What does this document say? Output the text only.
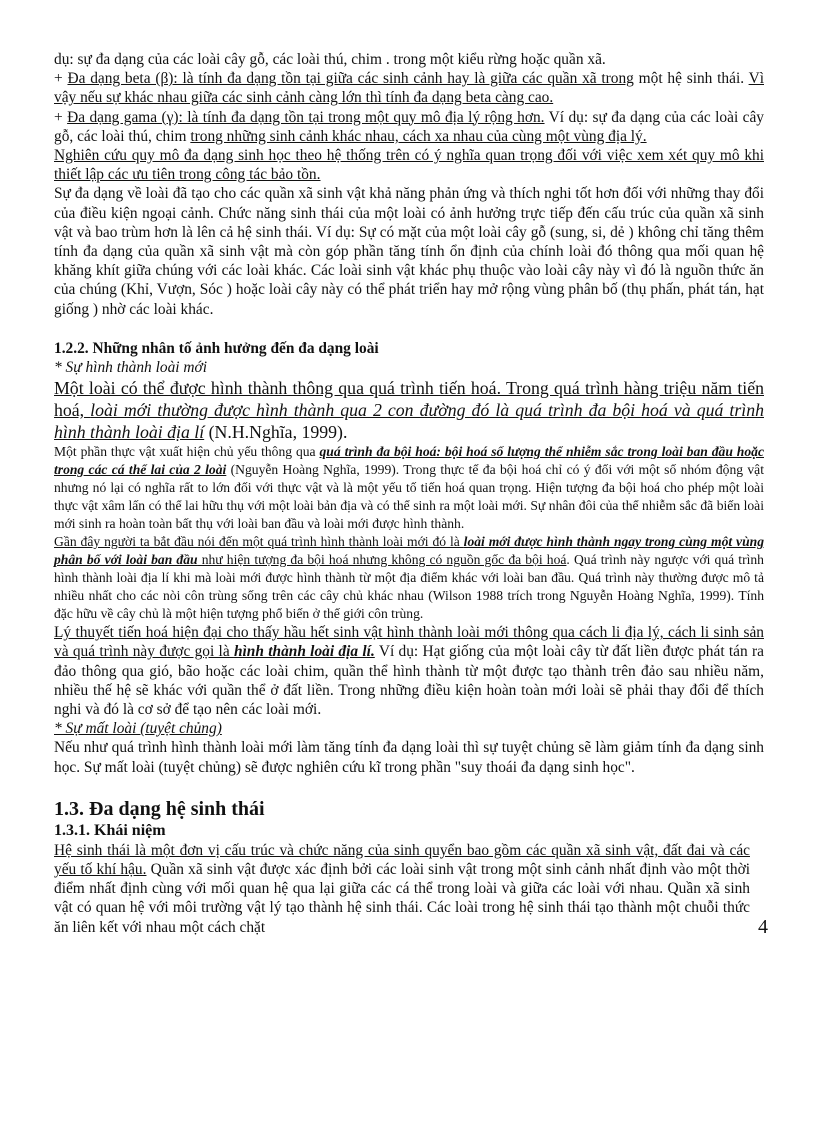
dụ: sự đa dạng của các loài cây gỗ, các loài thú, chim . trong một kiểu rừng hoặc quần xã.

+ Đa dạng beta (β): là tính đa dạng tồn tại giữa các sinh cảnh hay là giữa các quần xã trong một hệ sinh thái. Vì vậy nếu sự khác nhau giữa các sinh cảnh càng lớn thì tính đa dạng beta càng cao.

+ Đa dạng gama (γ): là tính đa dạng tồn tại trong một quy mô địa lý rộng hơn. Ví dụ: sự đa dạng của các loài cây gỗ, các loài thú, chim trong những sinh cảnh khác nhau, cách xa nhau của cùng một vùng địa lý.

Nghiên cứu quy mô đa dạng sinh học theo hệ thống trên có ý nghĩa quan trọng đối với việc xem xét quy mô khi thiết lập các ưu tiên trong công tác bảo tồn.

Sự đa dạng về loài đã tạo cho các quần xã sinh vật khả năng phản ứng và thích nghi tốt hơn đối với những thay đổi của điều kiện ngoại cảnh. Chức năng sinh thái của một loài có ảnh hưởng trực tiếp đến cấu trúc của quần xã sinh vật và bao trùm hơn là lên cả hệ sinh thái. Ví dụ: Sự có mặt của một loài cây gỗ (sung, si, dẻ ) không chỉ tăng thêm tính đa dạng của quần xã sinh vật mà còn góp phần tăng tính ổn định của chính loài đó thông qua mối quan hệ khăng khít giữa chúng với các loài khác. Các loài sinh vật khác phụ thuộc vào loài cây này vì đó là nguồn thức ăn của chúng (Khỉ, Vượn, Sóc ) hoặc loài cây này có thể phát triển hay mở rộng vùng phân bố (thụ phấn, phát tán, hạt giống ) nhờ các loài khác.

1.2.2. Những nhân tố ảnh hưởng đến đa dạng loài

* Sự hình thành loài mới

Một loài có thể được hình thành thông qua quá trình tiến hoá. Trong quá trình hàng triệu năm tiến hoá, loài mới thường được hình thành qua 2 con đường đó là quá trình đa bội hoá và quá trình hình thành loài địa lí (N.H.Nghĩa, 1999).

Một phần thực vật xuất hiện chủ yếu thông qua quá trình đa bội hoá: bội hoá số lượng thể nhiễm sắc trong loài ban đầu hoặc trong các cá thể lai của 2 loài (Nguyễn Hoàng Nghĩa, 1999). Trong thực tế đa bội hoá chỉ có ý đối với một số nhóm động vật nhưng nó lại có nghĩa rất to lớn đối với thực vật và là một yếu tố tiến hoá quan trọng. Hiện tượng đa bội hoá cho phép một loài thực vật xâm lấn có thể lai hữu thụ với một loài bản địa và có thể sinh ra một loài mới. Sự nhân đôi của thể nhiễm sắc đã biến loài mới sinh ra hoàn toàn bất thụ với loài ban đầu và loài mới được hình thành.

Gần đây người ta bắt đầu nói đến một quá trình hình thành loài mới đó là loài mới được hình thành ngay trong cùng một vùng phân bố với loài ban đầu như hiện tượng đa bội hoá nhưng không có nguồn gốc đa bội hoá. Quá trình này ngược với quá trình hình thành loài địa lí khi mà loài mới được hình thành từ một địa điểm khác với loài ban đầu. Quá trình này thường được mô tả nhiều nhất cho các nòi côn trùng sống trên các cây chủ khác nhau (Wilson 1988 trích trong Nguyễn Hoàng Nghĩa, 1999). Tính đặc hữu về cây chủ là một hiện tượng phổ biến ở thế giới côn trùng.

Lý thuyết tiến hoá hiện đại cho thấy hầu hết sinh vật hình thành loài mới thông qua cách li địa lý, cách li sinh sản và quá trình này được gọi là hình thành loài địa lí. Ví dụ: Hạt giống của một loài cây từ đất liền được phát tán ra đảo thông qua gió, bão hoặc các loài chim, quần thể hình thành từ một được tạo thành trên đảo sau nhiều năm, nhiều thế hệ sẽ khác với quần thể ở đất liền. Trong những điều kiện hoàn toàn mới loài sẽ phải thay đổi để thích nghi và đó là cơ sở để tạo nên các loài mới.

* Sự mất loài (tuyệt chủng)

Nếu như quá trình hình thành loài mới làm tăng tính đa dạng loài thì sự tuyệt chủng sẽ làm giảm tính đa dạng sinh học. Sự mất loài (tuyệt chủng) sẽ được nghiên cứu kĩ trong phần "suy thoái đa dạng sinh học".

1.3. Đa dạng hệ sinh thái

1.3.1. Khái niệm

Hệ sinh thái là một đơn vị cấu trúc và chức năng của sinh quyển bao gồm các quần xã sinh vật, đất đai và các yếu tố khí hậu. Quần xã sinh vật được xác định bởi các loài sinh vật trong một sinh cảnh nhất định vào một thời điểm nhất định cùng với mối quan hệ qua lại giữa các cá thể trong loài và giữa các loài với nhau. Quần xã sinh vật có quan hệ với môi trường vật lý tạo thành hệ sinh thái. Các loài trong hệ sinh thái tạo thành một chuỗi thức ăn liên kết với nhau một cách chặt	4
